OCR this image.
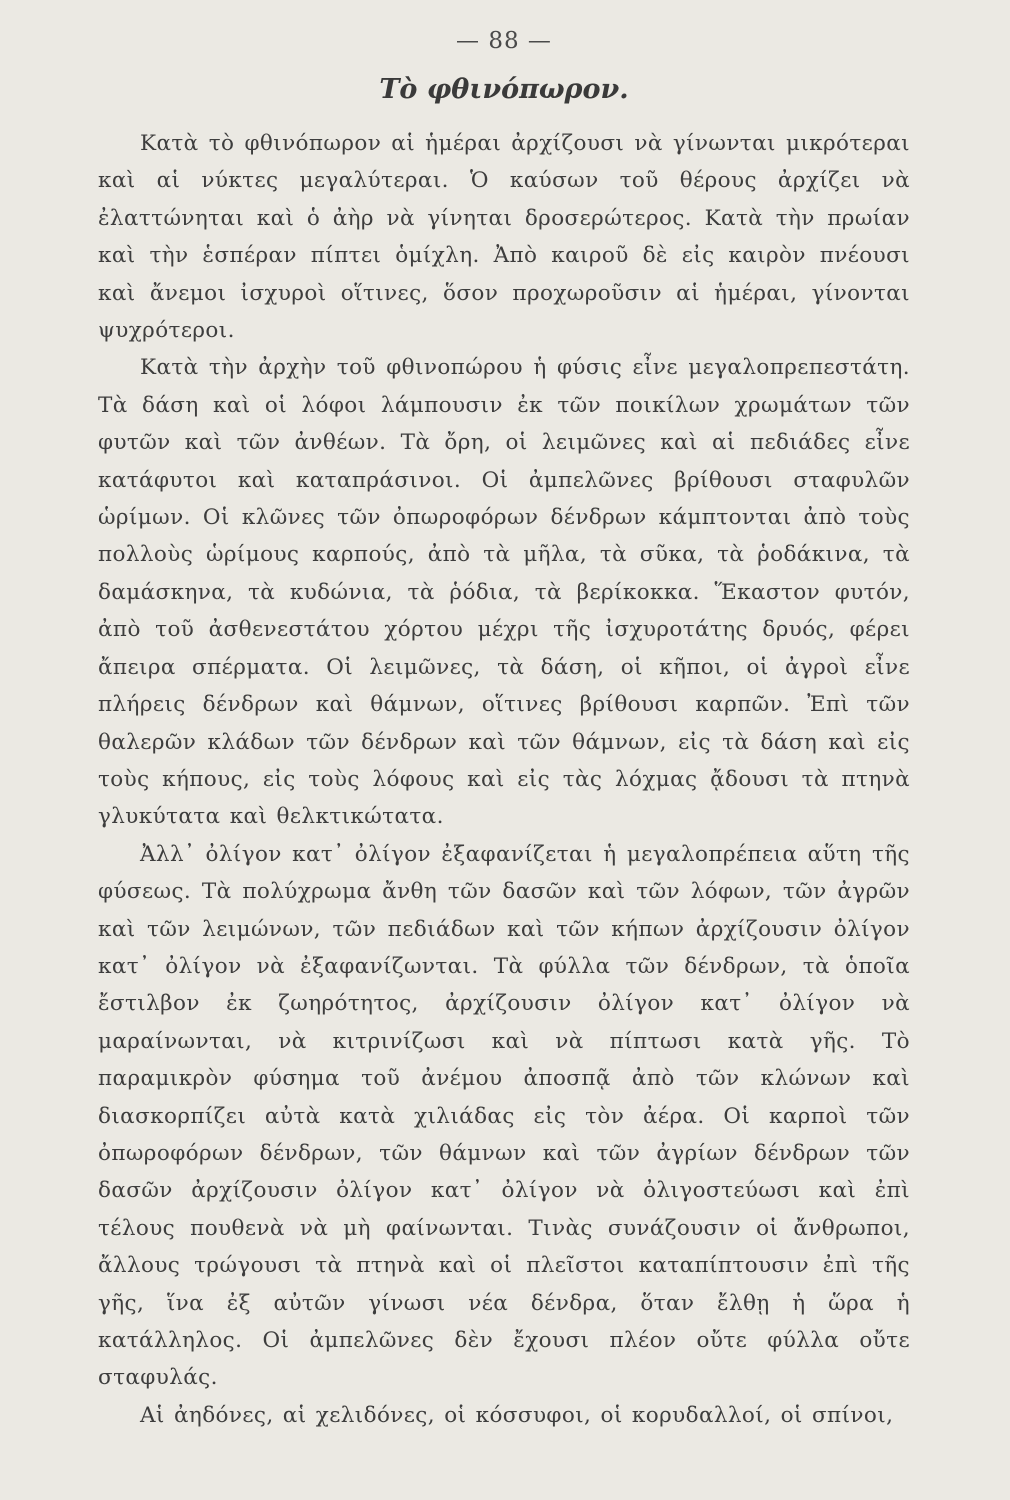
— 88 —
Τὸ φθινόπωρον.

Κατὰ τὸ φθινόπωρον αἱ ἡμέραι ἀρχίζουσι νὰ γίνωνται μικρότεραι καὶ αἱ νύκτες μεγαλύτεραι. Ὁ καύσων τοῦ θέρους ἀρχίζει νὰ ἐλαττώνηται καὶ ὁ ἀὴρ νὰ γίνηται δροσερώτερος. Κατὰ τὴν πρωίαν καὶ τὴν ἑσπέραν πίπτει ὁμίχλη. Ἀπὸ καιροῦ δὲ εἰς καιρὸν πνέουσι καὶ ἄνεμοι ἰσχυροὶ οἵτινες, ὅσον προχωροῦσιν αἱ ἡμέραι, γίνονται ψυχρότεροι.

Κατὰ τὴν ἀρχὴν τοῦ φθινοπώρου ἡ φύσις εἶνε μεγαλοπρεπεστάτη. Τὰ δάση καὶ οἱ λόφοι λάμπουσιν ἐκ τῶν ποικίλων χρωμάτων τῶν φυτῶν καὶ τῶν ἀνθέων. Τὰ ὄρη, οἱ λειμῶνες καὶ αἱ πεδιάδες εἶνε κατάφυτοι καὶ καταπράσινοι. Οἱ ἀμπελῶνες βρίθουσι σταφυλῶν ὡρίμων. Οἱ κλῶνες τῶν ὀπωροφόρων δένδρων κάμπτονται ἀπὸ τοὺς πολλοὺς ὡρίμους καρπούς, ἀπὸ τὰ μῆλα, τὰ σῦκα, τὰ ῥοδάκινα, τὰ δαμάσκηνα, τὰ κυδώνια, τὰ ῥόδια, τὰ βερίκοκκα. Ἕκαστον φυτόν, ἀπὸ τοῦ ἀσθενεστάτου χόρτου μέχρι τῆς ἰσχυροτάτης δρυός, φέρει ἄπειρα σπέρματα. Οἱ λειμῶνες, τὰ δάση, οἱ κῆποι, οἱ ἀγροὶ εἶνε πλήρεις δένδρων καὶ θάμνων, οἵτινες βρίθουσι καρπῶν. Ἐπὶ τῶν θαλερῶν κλάδων τῶν δένδρων καὶ τῶν θάμνων, εἰς τὰ δάση καὶ εἰς τοὺς κήπους, εἰς τοὺς λόφους καὶ εἰς τὰς λόχμας ᾄδουσι τὰ πτηνὰ γλυκύτατα καὶ θελκτικώτατα.

Ἀλλ᾽ ὀλίγον κατ᾽ ὀλίγον ἐξαφανίζεται ἡ μεγαλοπρέπεια αὕτη τῆς φύσεως. Τὰ πολύχρωμα ἄνθη τῶν δασῶν καὶ τῶν λόφων, τῶν ἀγρῶν καὶ τῶν λειμώνων, τῶν πεδιάδων καὶ τῶν κήπων ἀρχίζουσιν ὀλίγον κατ᾽ ὀλίγον νὰ ἐξαφανίζωνται. Τὰ φύλλα τῶν δένδρων, τὰ ὁποῖα ἔστιλβον ἐκ ζωηρότητος, ἀρχίζουσιν ὀλίγον κατ᾽ ὀλίγον νὰ μαραίνωνται, νὰ κιτρινίζωσι καὶ νὰ πίπτωσι κατὰ γῆς. Τὸ παραμικρὸν φύσημα τοῦ ἀνέμου ἀποσπᾷ ἀπὸ τῶν κλώνων καὶ διασκορπίζει αὐτὰ κατὰ χιλιάδας εἰς τὸν ἀέρα. Οἱ καρποὶ τῶν ὀπωροφόρων δένδρων, τῶν θάμνων καὶ τῶν ἀγρίων δένδρων τῶν δασῶν ἀρχίζουσιν ὀλίγον κατ᾽ ὀλίγον νὰ ὀλιγοστεύωσι καὶ ἐπὶ τέλους πουθενὰ νὰ μὴ φαίνωνται. Τινὰς συνάζουσιν οἱ ἄνθρωποι, ἄλλους τρώγουσι τὰ πτηνὰ καὶ οἱ πλεῖστοι καταπίπτουσιν ἐπὶ τῆς γῆς, ἵνα ἐξ αὐτῶν γίνωσι νέα δένδρα, ὅταν ἔλθῃ ἡ ὥρα ἡ κατάλληλος. Οἱ ἀμπελῶνες δὲν ἔχουσι πλέον οὔτε φύλλα οὔτε σταφυλάς.

Αἱ ἀηδόνες, αἱ χελιδόνες, οἱ κόσσυφοι, οἱ κορυδαλλοί, οἱ σπίνοι,
